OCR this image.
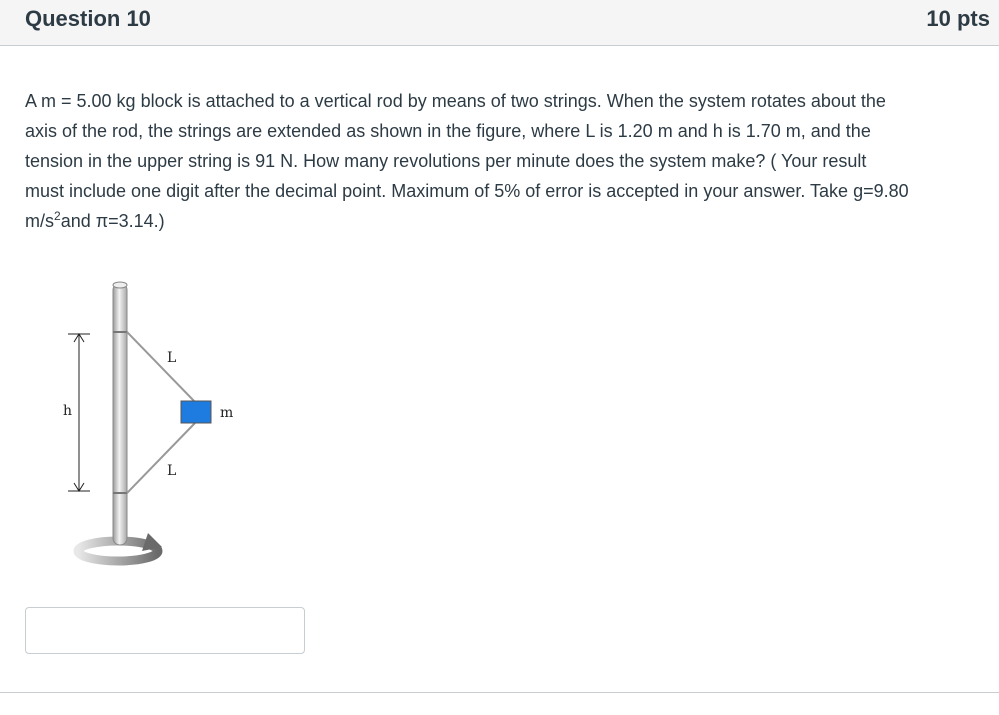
Question 10	10 pts
A m = 5.00 kg block is attached to a vertical rod by means of two strings. When the system rotates about the
axis of the rod, the strings are extended as shown in the figure, where L is 1.20 m and h is 1.70 m, and the
tension in the upper string is 91 N. How many revolutions per minute does the system make? ( Your result
must include one digit after the decimal point. Maximum of 5% of error is accepted in your answer. Take g=9.80
$m/s^2and$ π=3.14.)
h
L
L
m
